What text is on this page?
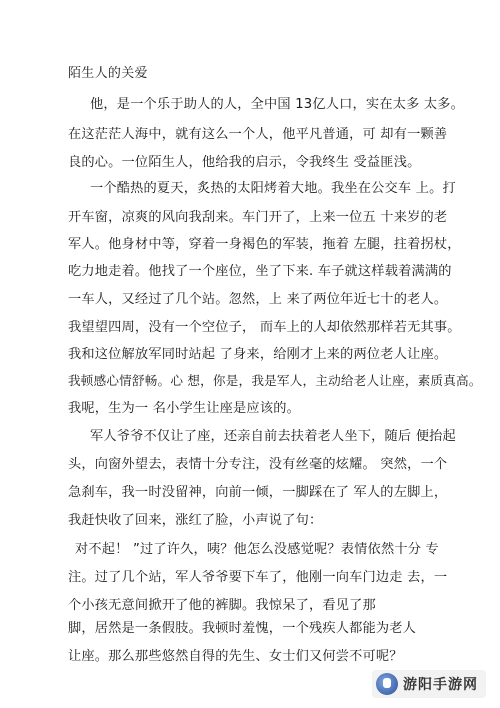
陌生人的关爱
他，是一个乐于助人的人，全中国 13亿人口，实在太多 太多。
在这茫茫人海中，就有这么一个人，他平凡普通，可 却有一颗善
良的心。一位陌生人，他给我的启示，令我终生 受益匪浅。
一个酷热的夏天，炙热的太阳烤着大地。我坐在公交车 上。打
开车窗，凉爽的风向我刮来。车门开了，上来一位五 十来岁的老
军人。他身材中等，穿着一身褐色的军装，拖着 左腿，拄着拐杖，
吃力地走着。他找了一个座位，坐了下来. 车子就这样载着满满的
一车人，又经过了几个站。忽然，上 来了两位年近七十的老人。
我望望四周，没有一个空位子， 而车上的人却依然那样若无其事。
我和这位解放军同时站起 了身来，给刚才上来的两位老人让座。
我顿感心情舒畅。心 想，你是，我是军人，主动给老人让座，素质真高。
我呢，生为一 名小学生让座是应该的。
军人爷爷不仅让了座，还亲自前去扶着老人坐下，随后 便抬起
头，向窗外望去，表情十分专注，没有丝毫的炫耀。 突然，一个
急刹车，我一时没留神，向前一倾，一脚踩在了 军人的左脚上，
我赶快收了回来，涨红了脸，小声说了句：
对不起！ ”过了许久，咦？他怎么没感觉呢？表情依然十分 专
注。过了几个站，军人爷爷要下车了，他刚一向车门边走 去，一
个小孩无意间掀开了他的裤脚。我惊呆了，看见了那
脚，居然是一条假肢。我顿时羞愧，一个残疾人都能为老人
让座。那么那些悠然自得的先生、女士们又何尝不可呢？
游阳手游网
